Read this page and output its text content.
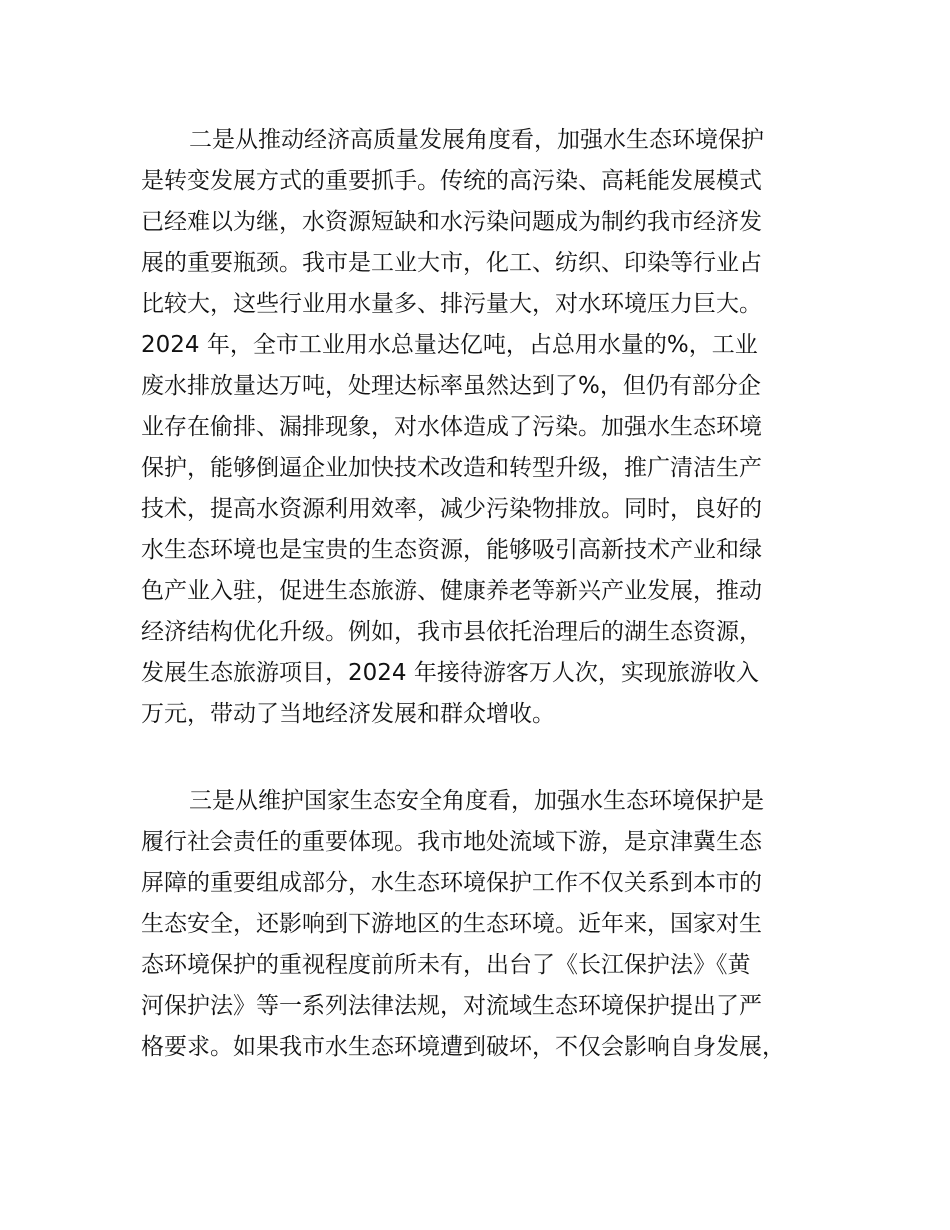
二是从推动经济高质量发展角度看，加强水生态环境保护
是转变发展方式的重要抓手。传统的高污染、高耗能发展模式
已经难以为继，水资源短缺和水污染问题成为制约我市经济发
展的重要瓶颈。我市是工业大市，化工、纺织、印染等行业占
比较大，这些行业用水量多、排污量大，对水环境压力巨大。
2024 年，全市工业用水总量达亿吨，占总用水量的%，工业
废水排放量达万吨，处理达标率虽然达到了%，但仍有部分企
业存在偷排、漏排现象，对水体造成了污染。加强水生态环境
保护，能够倒逼企业加快技术改造和转型升级，推广清洁生产
技术，提高水资源利用效率，减少污染物排放。同时，良好的
水生态环境也是宝贵的生态资源，能够吸引高新技术产业和绿
色产业入驻，促进生态旅游、健康养老等新兴产业发展，推动
经济结构优化升级。例如，我市县依托治理后的湖生态资源，
发展生态旅游项目，2024 年接待游客万人次，实现旅游收入
万元，带动了当地经济发展和群众增收。
三是从维护国家生态安全角度看，加强水生态环境保护是
履行社会责任的重要体现。我市地处流域下游，是京津冀生态
屏障的重要组成部分，水生态环境保护工作不仅关系到本市的
生态安全，还影响到下游地区的生态环境。近年来，国家对生
态环境保护的重视程度前所未有，出台了《长江保护法》《黄
河保护法》等一系列法律法规，对流域生态环境保护提出了严
格要求。如果我市水生态环境遭到破坏，不仅会影响自身发展，
